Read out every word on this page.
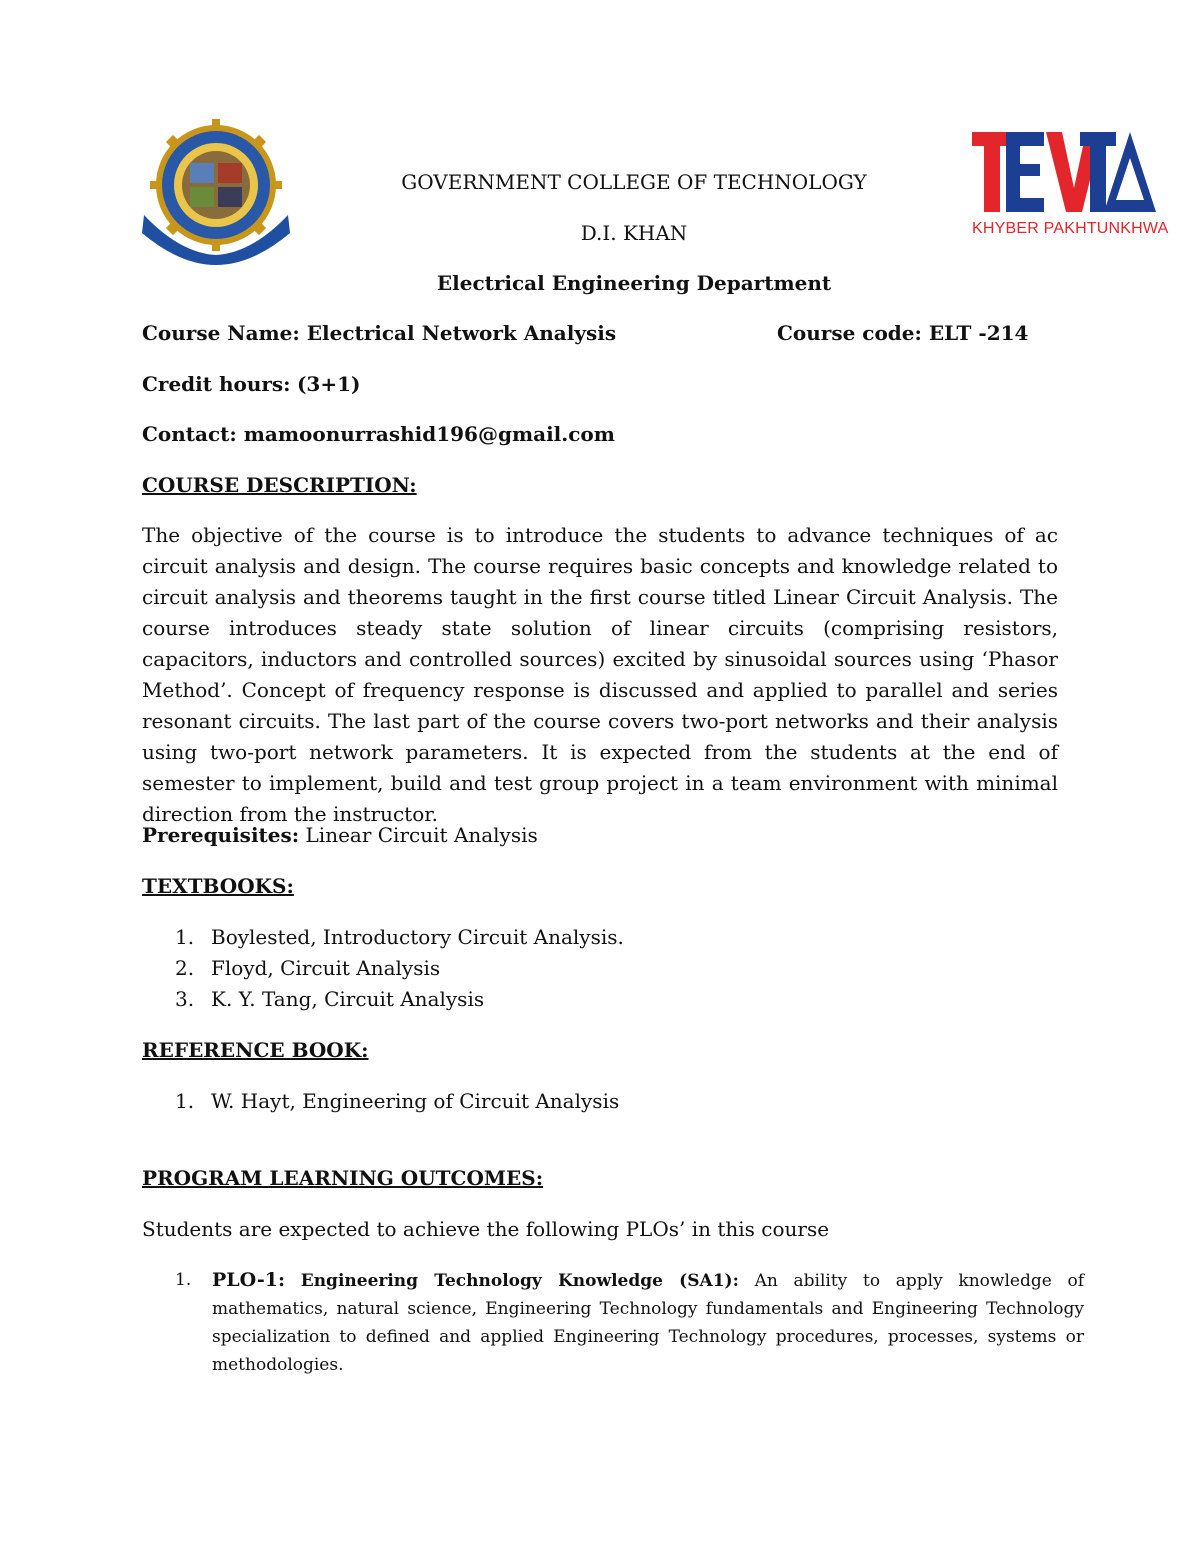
KHYBER PAKHTUNKHWA
GOVERNMENT COLLEGE OF TECHNOLOGY
D.I. KHAN
Electrical Engineering Department
Course Name: Electrical Network Analysis	Course code: ELT -214
Credit hours: (3+1)
Contact: mamoonurrashid196@gmail.com
COURSE DESCRIPTION:
The objective of the course is to introduce the students to advance techniques of ac circuit analysis and design. The course requires basic concepts and knowledge related to circuit analysis and theorems taught in the first course titled Linear Circuit Analysis. The course introduces steady state solution of linear circuits (comprising resistors, capacitors, inductors and controlled sources) excited by sinusoidal sources using ‘Phasor Method’. Concept of frequency response is discussed and applied to parallel and series resonant circuits. The last part of the course covers two-port networks and their analysis using two-port network parameters. It is expected from the students at the end of semester to implement, build and test group project in a team environment with minimal direction from the instructor.
Prerequisites: Linear Circuit Analysis
TEXTBOOKS:
1. Boylested, Introductory Circuit Analysis.
2. Floyd, Circuit Analysis
3. K. Y. Tang, Circuit Analysis
REFERENCE BOOK:
1. W. Hayt, Engineering of Circuit Analysis
PROGRAM LEARNING OUTCOMES:
Students are expected to achieve the following PLOs’ in this course
1. PLO-1: Engineering Technology Knowledge (SA1): An ability to apply knowledge of mathematics, natural science, Engineering Technology fundamentals and Engineering Technology specialization to defined and applied Engineering Technology procedures, processes, systems or methodologies.
